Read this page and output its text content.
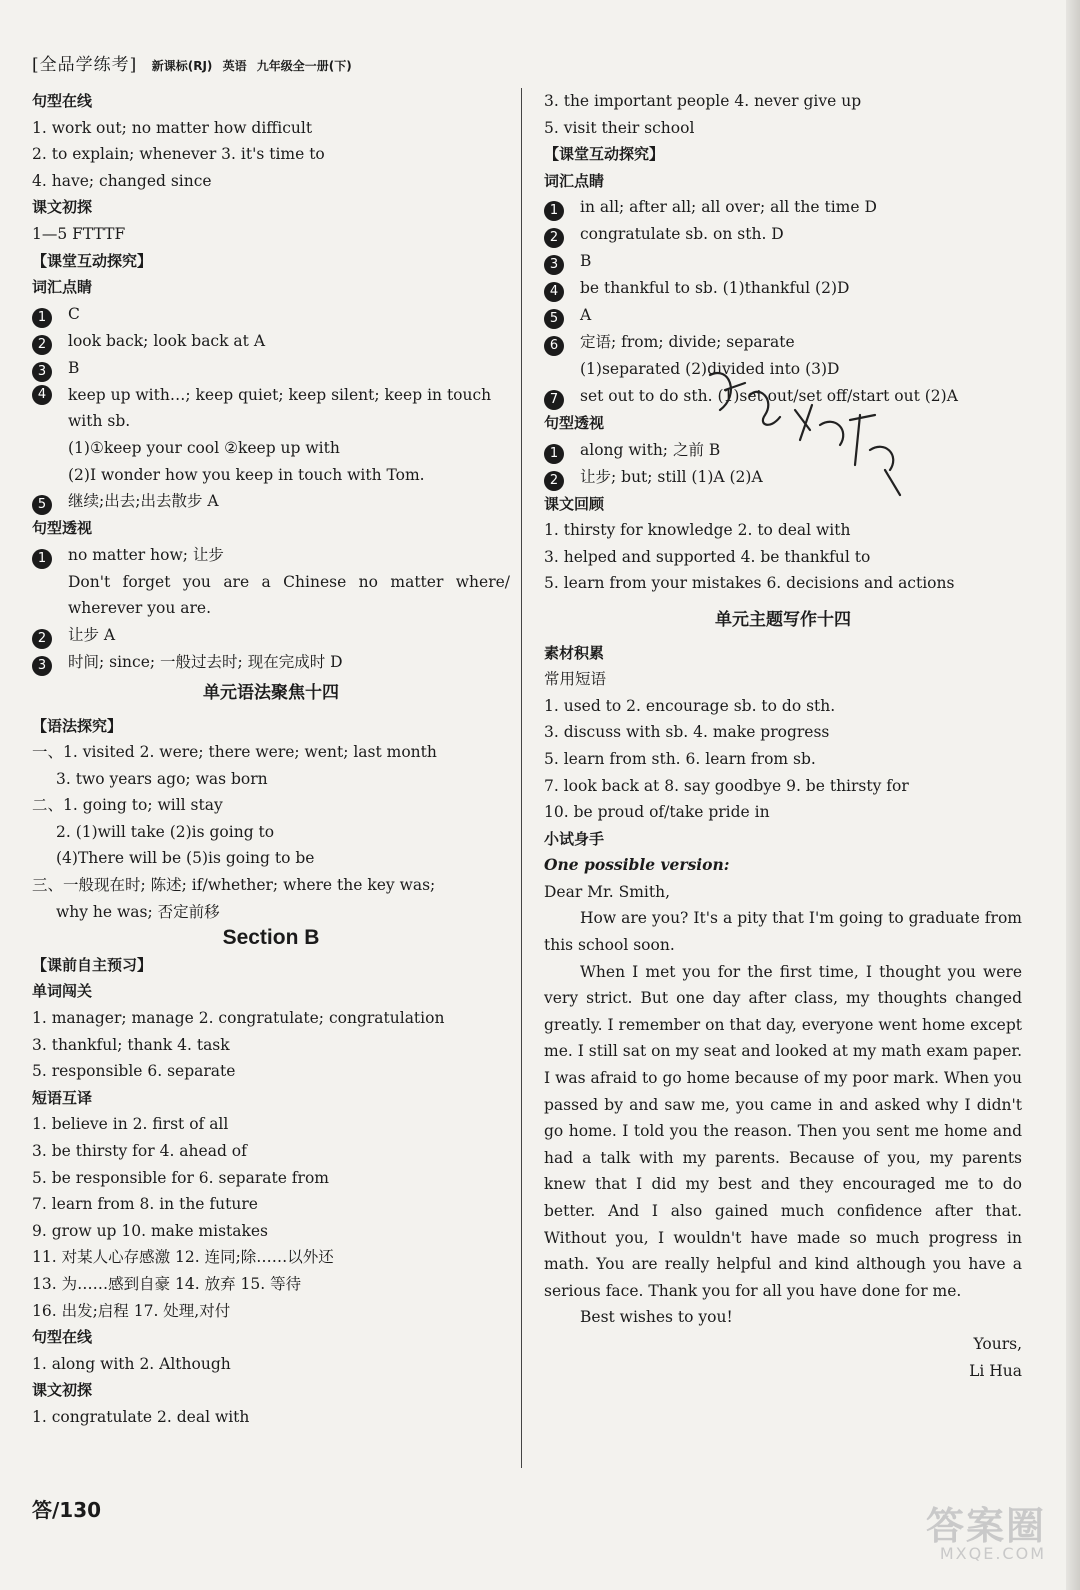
[全品学练考] 新课标(RJ) 英语 九年级全一册(下)
句型在线
1. work out; no matter how difficult
2. to explain; whenever 3. it's time to
4. have; changed since
课文初探
1—5 FTTTF
【课堂互动探究】
词汇点睛
1 C
2 look back; look back at A
3 B
4	keep up with…; keep quiet; keep silent; keep in touch with sb.
(1)①keep your cool ②keep up with
(2)I wonder how you keep in touch with Tom.
5 继续;出去;出去散步 A
句型透视
1 no matter how; 让步
Don't forget you are a Chinese no matter where/ wherever you are.
2 让步 A
3 时间; since; 一般过去时; 现在完成时 D
单元语法聚焦十四
【语法探究】
一、1. visited 2. were; there were; went; last month
3. two years ago; was born
二、1. going to; will stay
2. (1)will take (2)is going to
(4)There will be (5)is going to be
三、一般现在时; 陈述; if/whether; where the key was;
why he was; 否定前移
Section B
【课前自主预习】
单词闯关
1. manager; manage 2. congratulate; congratulation
3. thankful; thank 4. task
5. responsible 6. separate
短语互译
1. believe in 2. first of all
3. be thirsty for 4. ahead of
5. be responsible for 6. separate from
7. learn from 8. in the future
9. grow up 10. make mistakes
11. 对某人心存感激 12. 连同;除……以外还
13. 为……感到自豪 14. 放弃 15. 等待
16. 出发;启程 17. 处理,对付
句型在线
1. along with 2. Although
课文初探
1. congratulate 2. deal with
3. the important people 4. never give up
5. visit their school
【课堂互动探究】
词汇点睛
1 in all; after all; all over; all the time D
2 congratulate sb. on sth. D
3 B
4 be thankful to sb. (1)thankful (2)D
5 A
6 定语; from; divide; separate
(1)separated (2)divided into (3)D
7 set out to do sth. (1)set out/set off/start out (2)A
句型透视
1 along with; 之前 B
2 让步; but; still (1)A (2)A
课文回顾
1. thirsty for knowledge 2. to deal with
3. helped and supported 4. be thankful to
5. learn from your mistakes 6. decisions and actions
单元主题写作十四
素材积累
常用短语
1. used to 2. encourage sb. to do sth.
3. discuss with sb. 4. make progress
5. learn from sth. 6. learn from sb.
7. look back at 8. say goodbye 9. be thirsty for
10. be proud of/take pride in
小试身手
One possible version:
Dear Mr. Smith,
How are you? It's a pity that I'm going to graduate from this school soon.
When I met you for the first time, I thought you were very strict. But one day after class, my thoughts changed greatly. I remember on that day, everyone went home except me. I still sat on my seat and looked at my math exam paper. I was afraid to go home because of my poor mark. When you passed by and saw me, you came in and asked why I didn't go home. I told you the reason. Then you sent me home and had a talk with my parents. Because of you, my parents knew that I did my best and they encouraged me to do better. And I also gained much confidence after that. Without you, I wouldn't have made so much progress in math. You are really helpful and kind although you have a serious face. Thank you for all you have done for me.
Best wishes to you!
Yours,
Li Hua
答/130	答案圈
MXQE.COM
